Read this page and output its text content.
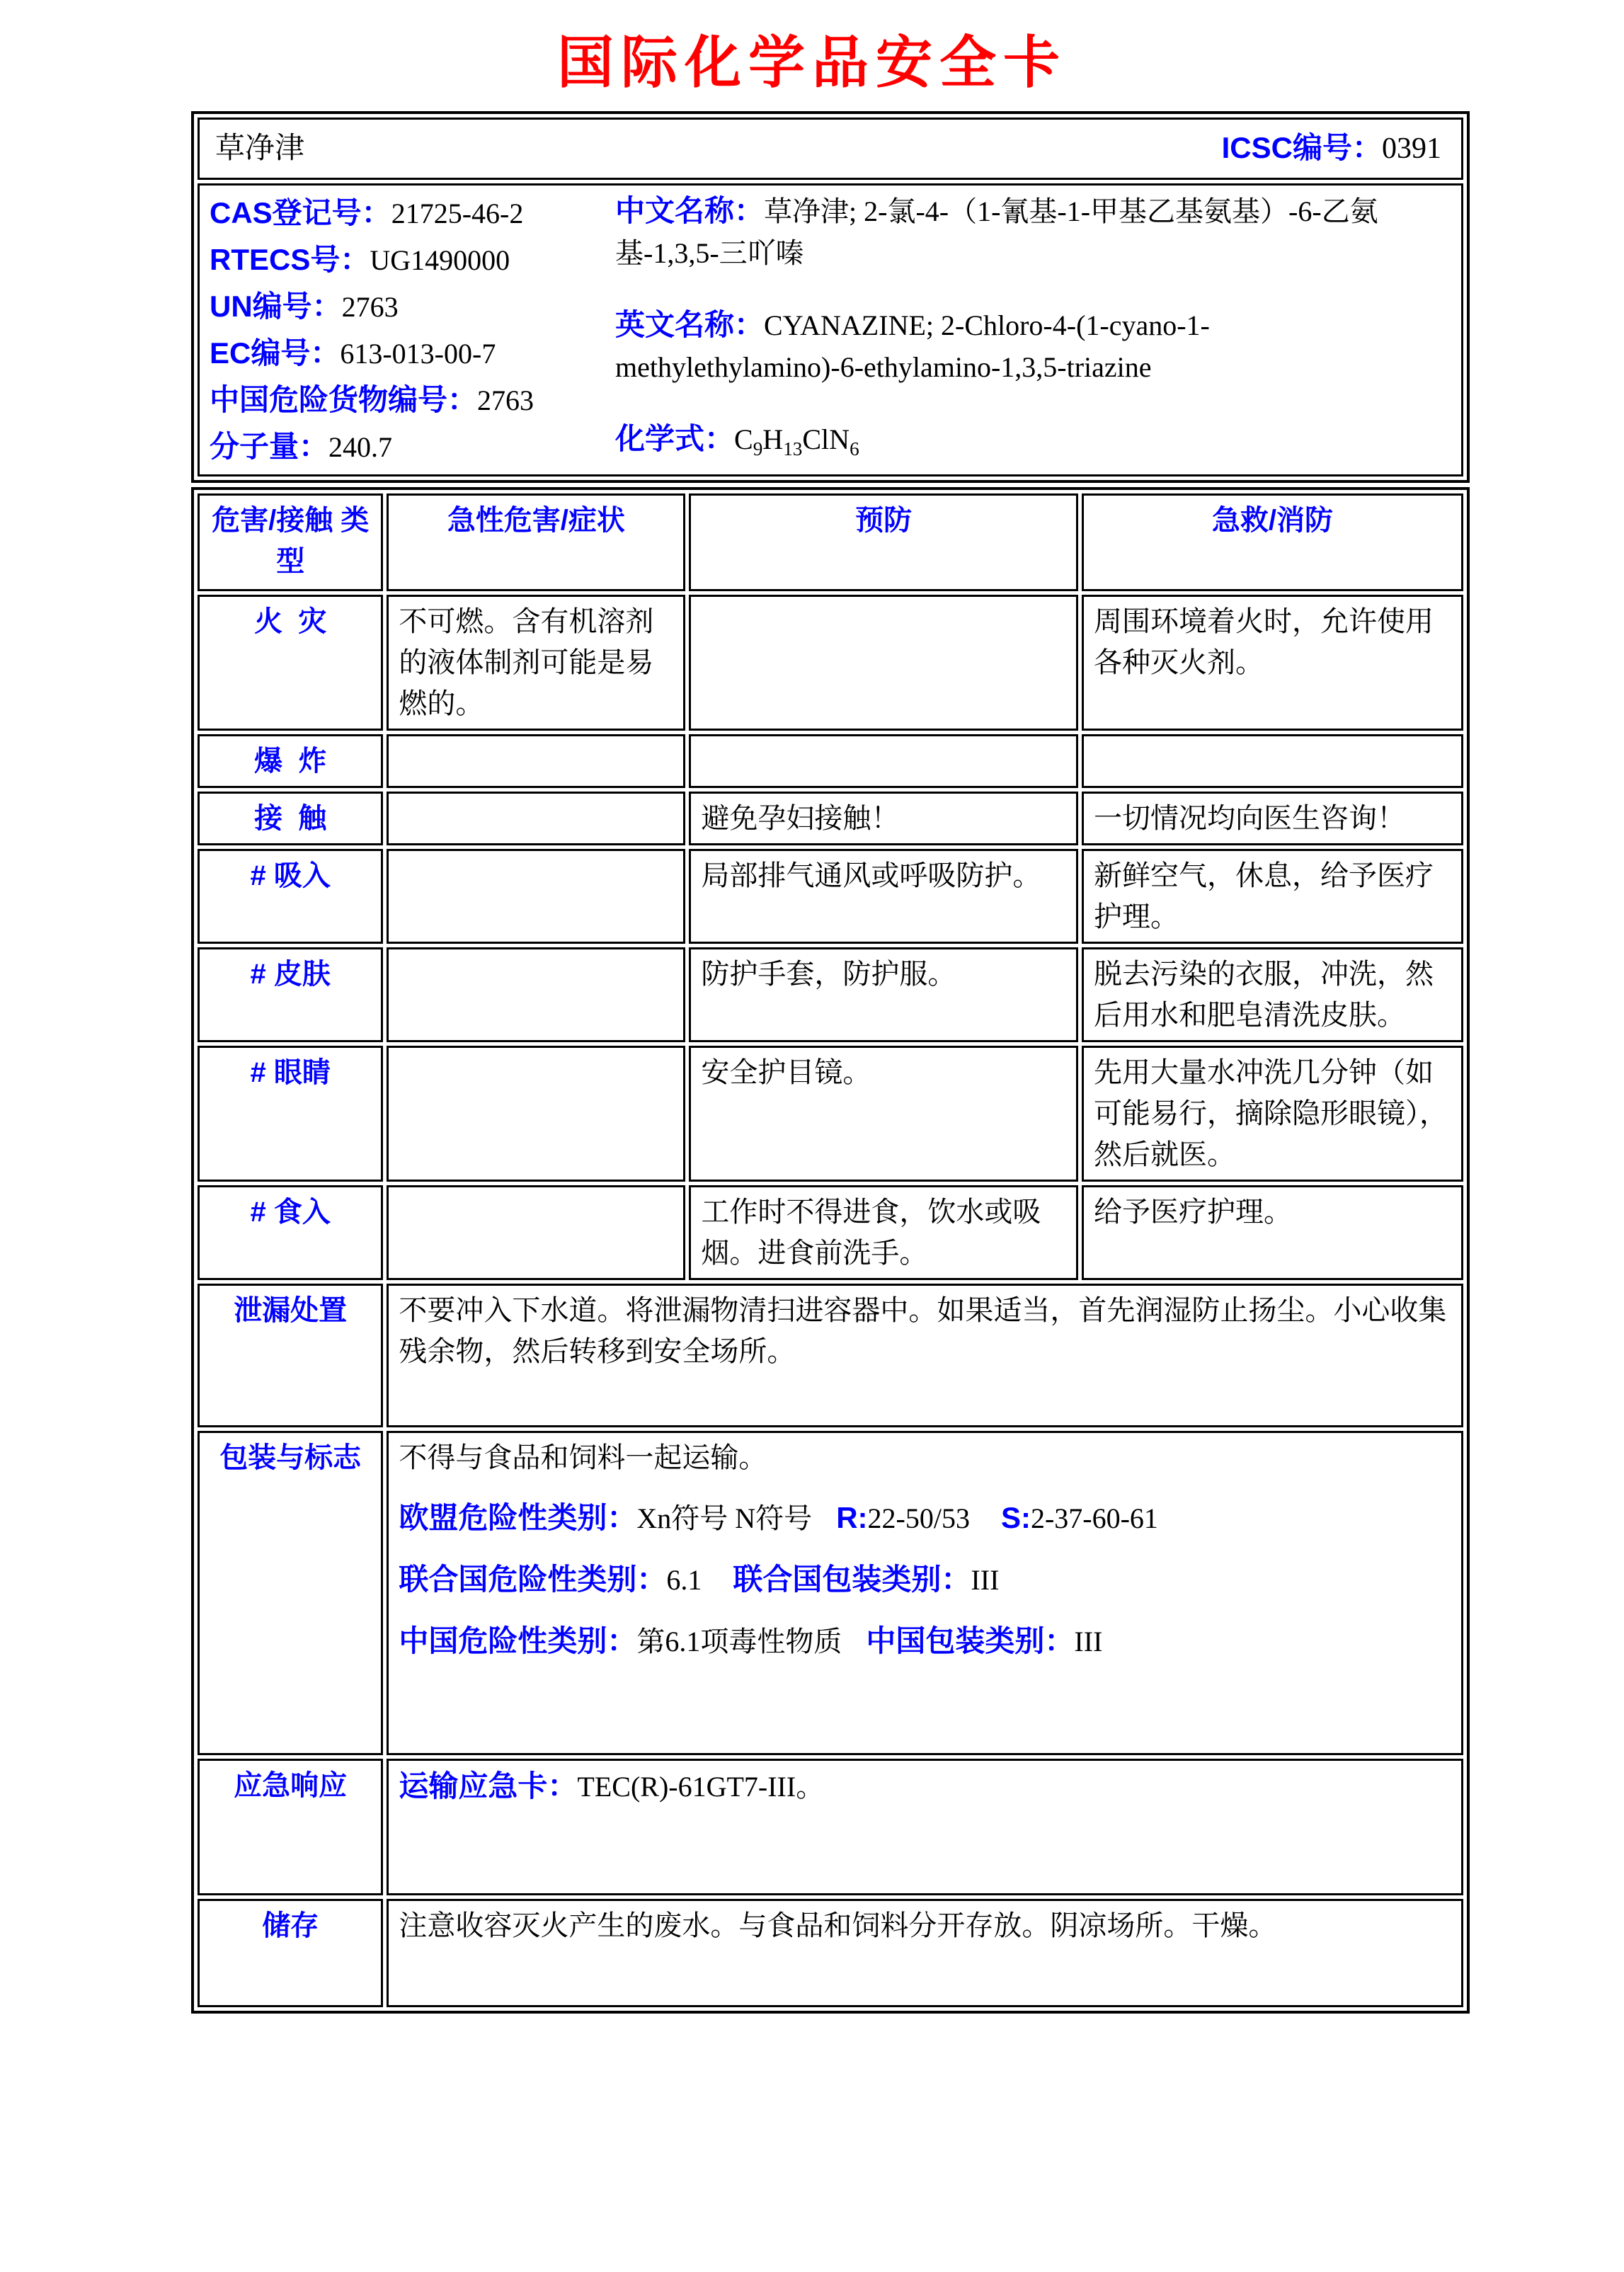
国际化学品安全卡
草净津	ICSC编号：0391

CAS登记号：21725-46-2
RTECS号：UG1490000
UN编号：2763
EC编号：613-013-00-7
中国危险货物编号：2763
分子量：240.7
中文名称：草净津; 2-氯-4-（1-氰基-1-甲基乙基氨基）-6-乙氨基-1,3,5-三吖嗪
英文名称：CYANAZINE; 2-Chloro-4-(1-cyano-1-methylethylamino)-6-ethylamino-1,3,5-triazine
化学式：$C_9H_{13}ClN_6$
危害/接触 类型	急性危害/症状	预防	急救/消防
火  灾	不可燃。含有机溶剂的液体制剂可能是易燃的。		周围环境着火时，允许使用各种灭火剂。
爆  炸			
接  触		避免孕妇接触！	一切情况均向医生咨询！
# 吸入		局部排气通风或呼吸防护。	新鲜空气，休息，给予医疗护理。
# 皮肤		防护手套，防护服。	脱去污染的衣服，冲洗，然后用水和肥皂清洗皮肤。
# 眼睛		安全护目镜。	先用大量水冲洗几分钟（如可能易行，摘除隐形眼镜），然后就医。
# 食入		工作时不得进食，饮水或吸烟。进食前洗手。	给予医疗护理。
泄漏处置	不要冲入下水道。将泄漏物清扫进容器中。如果适当，首先润湿防止扬尘。小心收集残余物，然后转移到安全场所。		
包装与标志	不得与食品和饲料一起运输。
欧盟危险性类别：Xn符号 N符号 R:22-50/53 S:2-37-60-61
联合国危险性类别：6.1 联合国包装类别：III
中国危险性类别：第6.1项毒性物质 中国包装类别：III		

应急响应	运输应急卡：TEC(R)-61GT7-III。		
储存	注意收容灭火产生的废水。与食品和饲料分开存放。阴凉场所。干燥。		
